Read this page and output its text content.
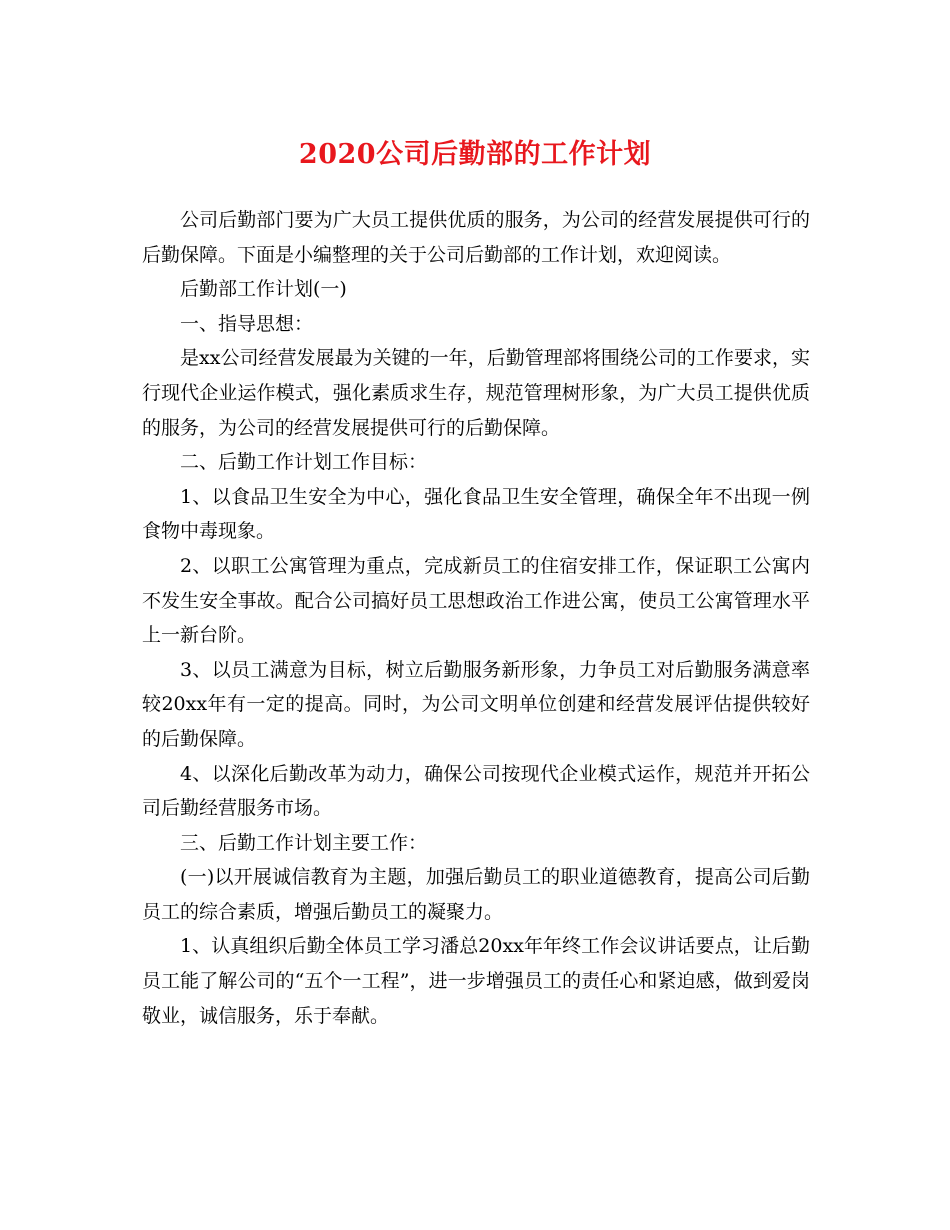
2020公司后勤部的工作计划

公司后勤部门要为广大员工提供优质的服务，为公司的经营发展提供可行的后勤保障。下面是小编整理的关于公司后勤部的工作计划，欢迎阅读。

后勤部工作计划(一)

一、指导思想：

是xx公司经营发展最为关键的一年，后勤管理部将围绕公司的工作要求，实行现代企业运作模式，强化素质求生存，规范管理树形象，为广大员工提供优质的服务，为公司的经营发展提供可行的后勤保障。

二、后勤工作计划工作目标：

1、以食品卫生安全为中心，强化食品卫生安全管理，确保全年不出现一例食物中毒现象。

2、以职工公寓管理为重点，完成新员工的住宿安排工作，保证职工公寓内不发生安全事故。配合公司搞好员工思想政治工作进公寓，使员工公寓管理水平上一新台阶。

3、以员工满意为目标，树立后勤服务新形象，力争员工对后勤服务满意率较20xx年有一定的提高。同时，为公司文明单位创建和经营发展评估提供较好的后勤保障。

4、以深化后勤改革为动力，确保公司按现代企业模式运作，规范并开拓公司后勤经营服务市场。

三、后勤工作计划主要工作：

(一)以开展诚信教育为主题，加强后勤员工的职业道德教育，提高公司后勤员工的综合素质，增强后勤员工的凝聚力。

1、认真组织后勤全体员工学习潘总20xx年年终工作会议讲话要点，让后勤员工能了解公司的“五个一工程”，进一步增强员工的责任心和紧迫感，做到爱岗敬业，诚信服务，乐于奉献。
